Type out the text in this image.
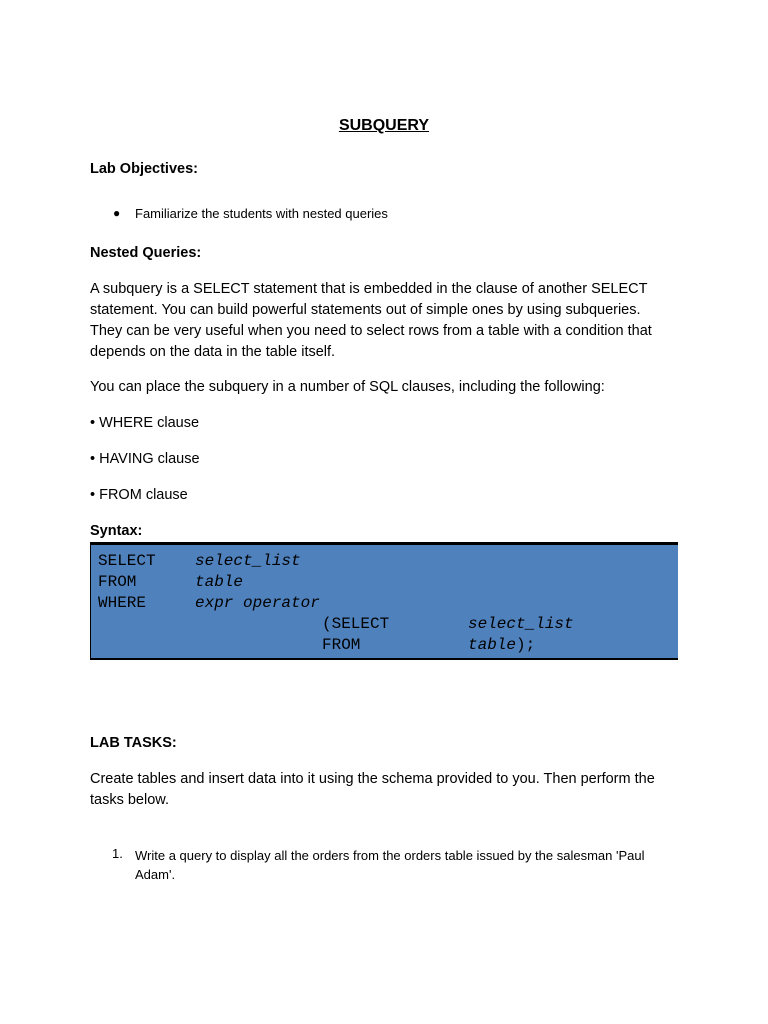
SUBQUERY
Lab Objectives:
● Familiarize the students with nested queries
Nested Queries:
A subquery is a SELECT statement that is embedded in the clause of another SELECT
statement. You can build powerful statements out of simple ones by using subqueries.
They can be very useful when you need to select rows from a table with a condition that
depends on the data in the table itself.
You can place the subquery in a number of SQL clauses, including the following:
• WHERE clause
• HAVING clause
• FROM clause
Syntax:
SELECT select_list
FROM	table
WHERE	expr operator
(SELECT	select_list
FROM	table);
LAB TASKS:
Create tables and insert data into it using the schema provided to you. Then perform the
tasks below.
1. Write a query to display all the orders from the orders table issued by the salesman 'Paul
Adam'.
